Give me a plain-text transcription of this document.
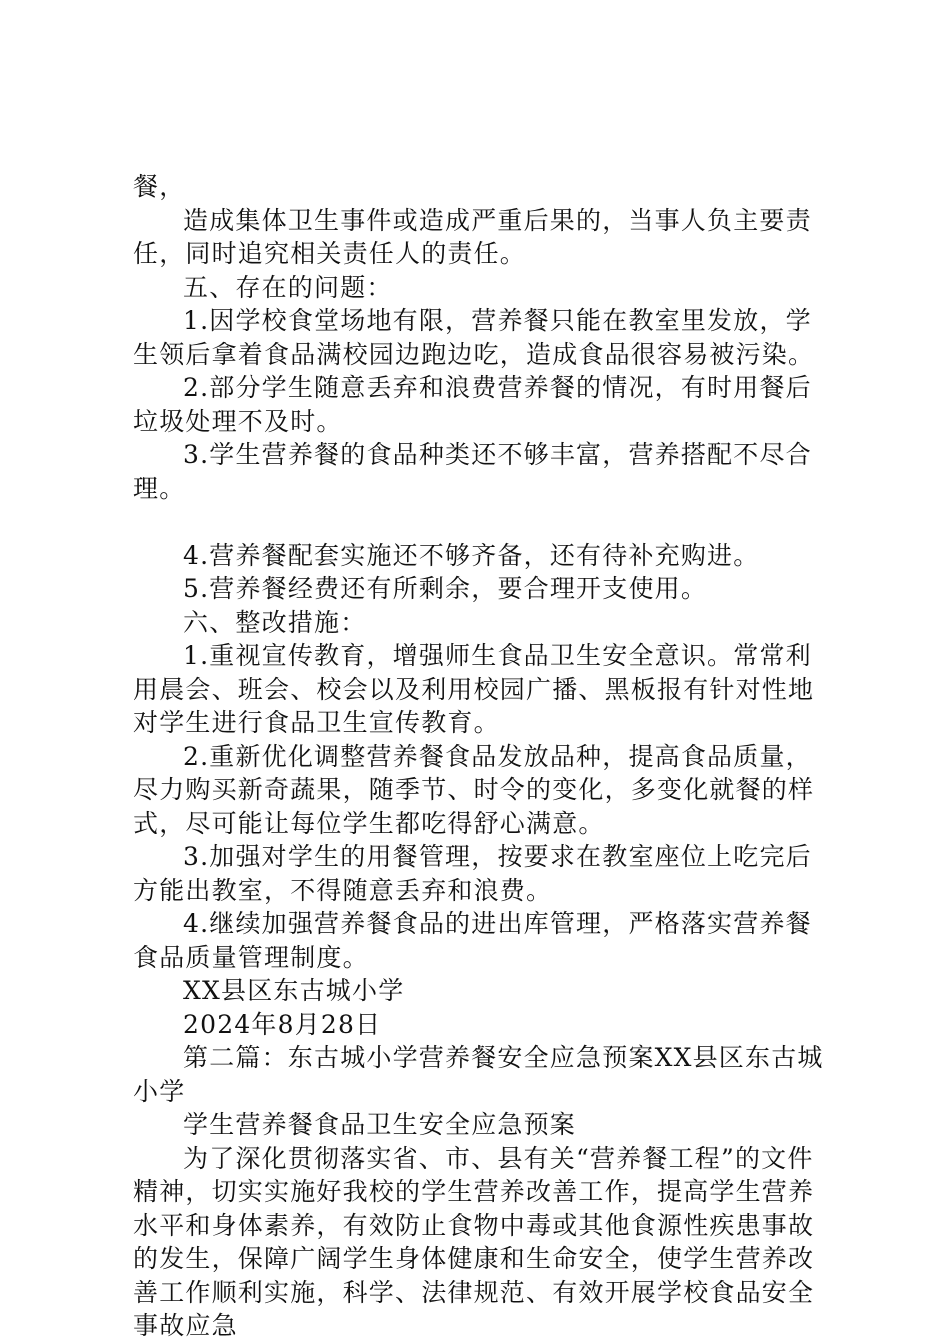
餐，

造成集体卫生事件或造成严重后果的，当事人负主要责任，同时追究相关责任人的责任。

五、存在的问题：

1.因学校食堂场地有限，营养餐只能在教室里发放，学生领后拿着食品满校园边跑边吃，造成食品很容易被污染。

2.部分学生随意丢弃和浪费营养餐的情况，有时用餐后垃圾处理不及时。

3.学生营养餐的食品种类还不够丰富，营养搭配不尽合理。

4.营养餐配套实施还不够齐备，还有待补充购进。

5.营养餐经费还有所剩余，要合理开支使用。

六、整改措施：

1.重视宣传教育，增强师生食品卫生安全意识。常常利用晨会、班会、校会以及利用校园广播、黑板报有针对性地对学生进行食品卫生宣传教育。

2.重新优化调整营养餐食品发放品种，提高食品质量，尽力购买新奇蔬果，随季节、时令的变化，多变化就餐的样式，尽可能让每位学生都吃得舒心满意。

3.加强对学生的用餐管理，按要求在教室座位上吃完后方能出教室，不得随意丢弃和浪费。

4.继续加强营养餐食品的进出库管理，严格落实营养餐食品质量管理制度。

XX县区东古城小学

2024年8月28日

第二篇：东古城小学营养餐安全应急预案XX县区东古城小学

学生营养餐食品卫生安全应急预案

为了深化贯彻落实省、市、县有关“营养餐工程”的文件精神，切实实施好我校的学生营养改善工作，提高学生营养水平和身体素养，有效防止食物中毒或其他食源性疾患事故的发生，保障广阔学生身体健康和生命安全，使学生营养改善工作顺利实施，科学、法律规范、有效开展学校食品安全事故应急
